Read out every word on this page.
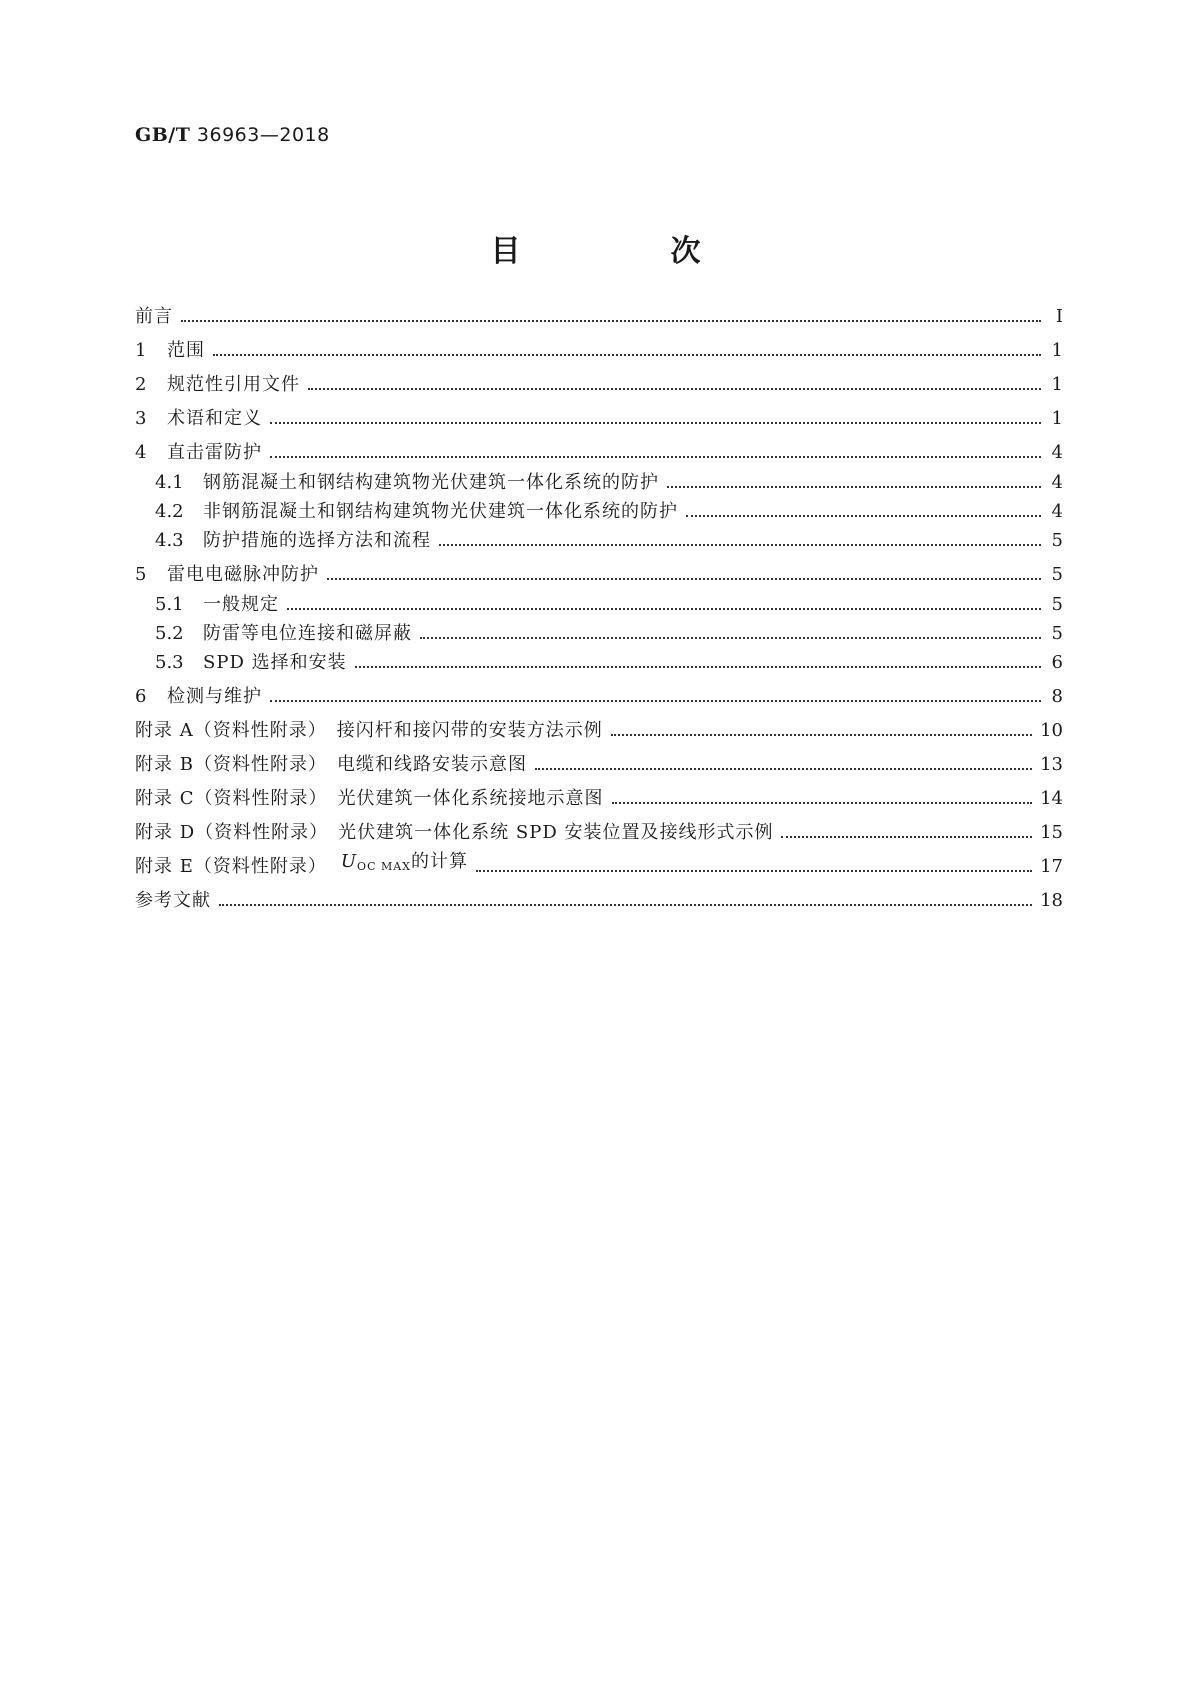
GB/T 36963—2018
目　次
前言	Ⅰ
1	范围	1
2	规范性引用文件	1
3	术语和定义	1
4	直击雷防护	4
4.1	钢筋混凝土和钢结构建筑物光伏建筑一体化系统的防护	4
4.2	非钢筋混凝土和钢结构建筑物光伏建筑一体化系统的防护	4
4.3	防护措施的选择方法和流程	5
5	雷电电磁脉冲防护	5
5.1	一般规定	5
5.2	防雷等电位连接和磁屏蔽	5
5.3	SPD 选择和安装	6
6	检测与维护	8
附录 A（资料性附录）　接闪杆和接闪带的安装方法示例	10
附录 B（资料性附录）　电缆和线路安装示意图	13
附录 C（资料性附录）　光伏建筑一体化系统接地示意图	14
附录 D（资料性附录）　光伏建筑一体化系统 SPD 安装位置及接线形式示例	15
附录 E（资料性附录） UOC MAX的计算	17
参考文献	18
